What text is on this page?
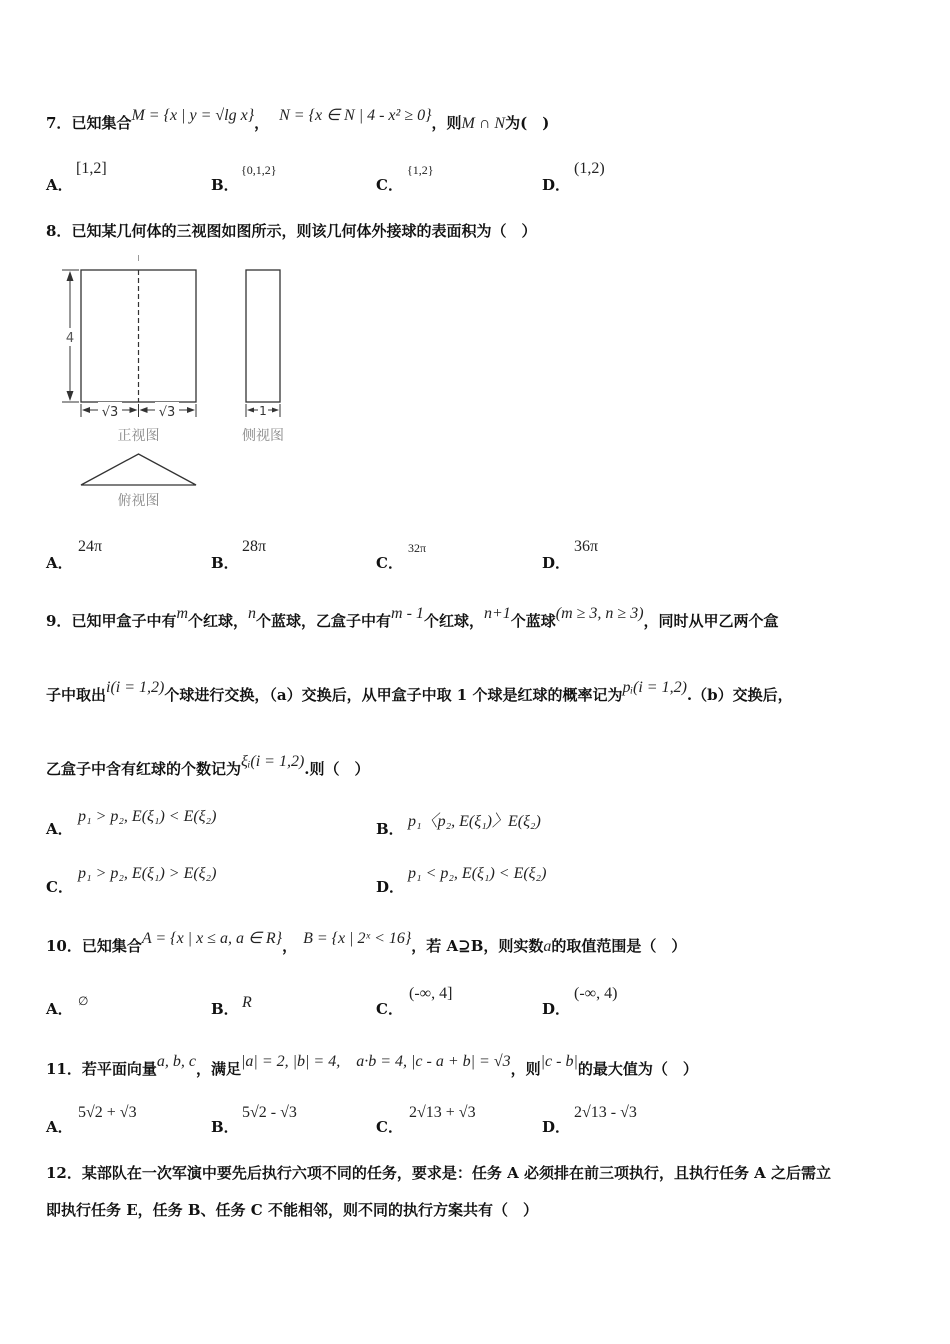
7．已知集合M = {x | y = √lg x}， N = {x ∈ N | 4 - x² ≥ 0}，则M ∩ N为(　)
A．
[1,2]
B．
{0,1,2}
C．
{1,2}
D．
(1,2)
8．已知某几何体的三视图如图所示，则该几何体外接球的表面积为（　）
4
√3	√3
正视图
1
侧视图
俯视图
A．
24π
B．
28π
C．
32π
D．
36π
9．已知甲盒子中有m个红球，n个蓝球，乙盒子中有m - 1个红球，n+1个蓝球(m ≥ 3, n ≥ 3)，同时从甲乙两个盒
子中取出i(i = 1,2)个球进行交换，（a）交换后，从甲盒子中取 1 个球是红球的概率记为pᵢ(i = 1,2).（b）交换后，
乙盒子中含有红球的个数记为ξᵢ(i = 1,2).则（　）
A．
p₁ > p₂, E(ξ₁) < E(ξ₂)
B． p₁〈p₂, E(ξ₁)〉E(ξ₂)
C．
p₁ > p₂, E(ξ₁) > E(ξ₂)
D．
p₁ < p₂, E(ξ₁) < E(ξ₂)
10．已知集合A = {x | x ≤ a, a ∈ R}， B = {x | 2ˣ < 16}，若 A⊇B，则实数a的取值范围是（　）
A． ∅	B． R	C．
(-∞, 4]
D．
(-∞, 4)
11．若平面向量a, b, c，满足|a| = 2, |b| = 4,　a·b = 4, |c - a + b| = √3，则|c - b|的最大值为（　）
A．
5√2 + √3
B．
5√2 - √3
C．
2√13 + √3
D．
2√13 - √3
12．某部队在一次军演中要先后执行六项不同的任务，要求是：任务 A 必须排在前三项执行，且执行任务 A 之后需立
即执行任务 E，任务 B、任务 C 不能相邻，则不同的执行方案共有（　）
